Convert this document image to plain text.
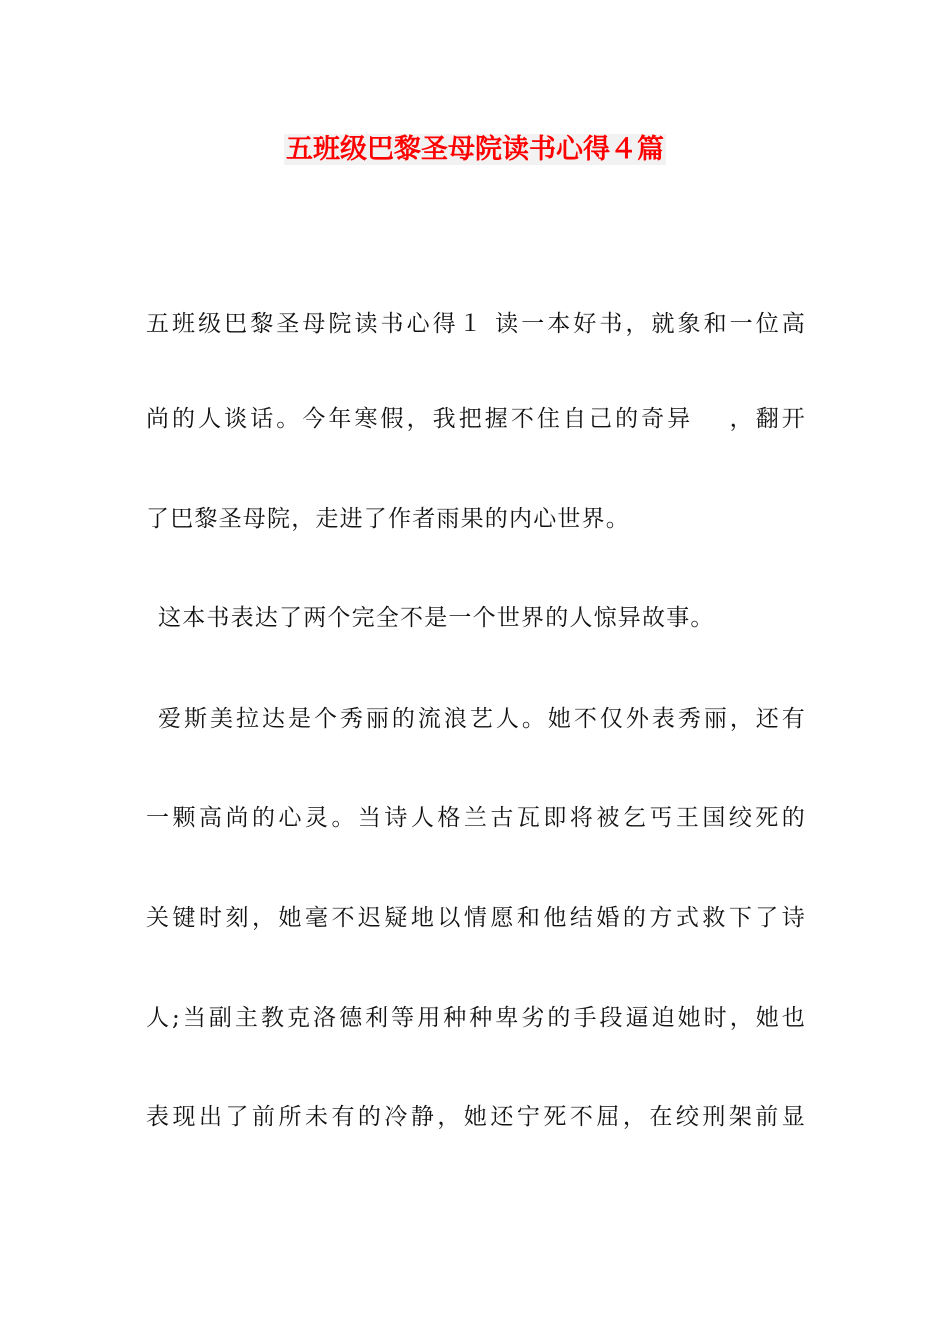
五班级巴黎圣母院读书心得４篇

五班级巴黎圣母院读书心得１ 读一本好书，就象和一位高

尚的人谈话。今年寒假，我把握不住自己的奇异　 ，翻开

了巴黎圣母院，走进了作者雨果的内心世界。

这本书表达了两个完全不是一个世界的人惊异故事。

爱斯美拉达是个秀丽的流浪艺人。她不仅外表秀丽，还有

一颗高尚的心灵。当诗人格兰古瓦即将被乞丐王国绞死的

关键时刻，她毫不迟疑地以情愿和他结婚的方式救下了诗

人;当副主教克洛德利等用种种卑劣的手段逼迫她时，她也

表现出了前所未有的冷静，她还宁死不屈，在绞刑架前显
